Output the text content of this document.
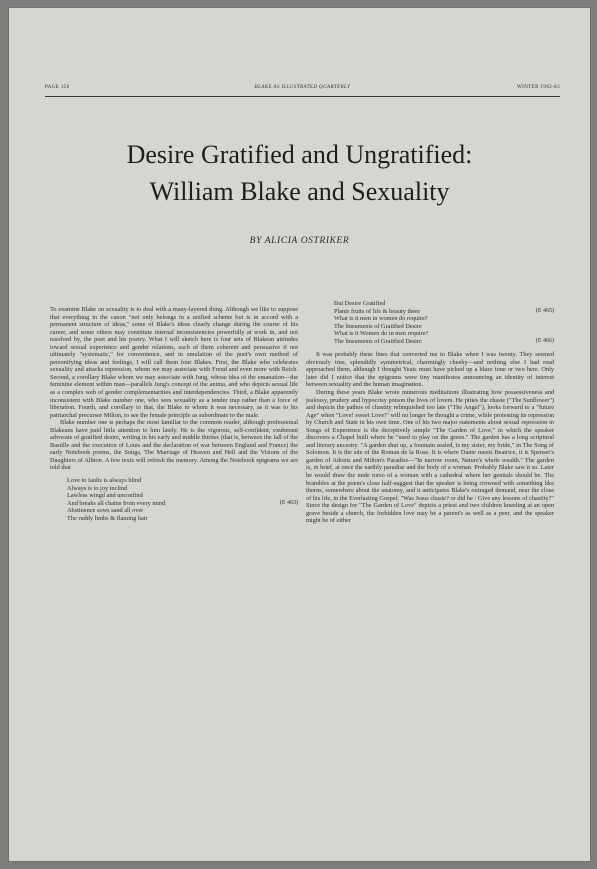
PAGE 156	BLAKE AS ILLUSTRATED QUARTERLY	WINTER 1982-83
Desire Gratified and Ungratified:
William Blake and Sexuality
BY ALICIA OSTRIKER

To examine Blake on sexuality is to deal with a many-layered thing. Although we like to suppose that everything in the canon "not only belongs in a unified scheme but is in accord with a permanent structure of ideas," some of Blake's ideas clearly change during the course of his career, and some others may constitute internal inconsistencies powerfully at work in, and not resolved by, the poet and his poetry. What I will sketch here is four sets of Blakean attitudes toward sexual experience and gender relations, each of them coherent and persuasive if not ultimately "systematic," for convenience, and in emulation of the poet's own method of personifying ideas and feelings, I will call them four Blakes. First, the Blake who celebrates sexuality and attacks repression, whom we may associate with Freud and even more with Reich. Second, a corollary Blake whom we may associate with Jung, whose idea of the emanation—the feminine element within man—parallels Jung's concept of the anima, and who depicts sexual life as a complex web of gender complementarities and interdependencies. Third, a Blake apparently inconsistent with Blake number one, who sees sexuality as a tender trap rather than a force of liberation. Fourth, and corollary to that, the Blake to whom it was necessary, as it was to his patriarchal precursor Milton, to see the female principle as subordinate to the male.

Blake number one is perhaps the most familiar to the common reader, although professional Blakeans have paid little attention to him lately. He is the vigorous, self-confident, exuberant advocate of gratified desire, writing in his early and middle thirties (that is, between the fall of the Bastille and the execution of Louis and the declaration of war between England and France) the early Notebook poems, the Songs, The Marriage of Heaven and Hell and the Visions of the Daughters of Albion. A few texts will refresh the memory. Among the Notebook epigrams we are told that

Love to faults is always blind
Always is to joy inclind
Lawless wingd and unconfind
And breaks all chains from every mind	(E 463)
Abstinence sows sand all over
The ruddy limbs & flaming hair
But Desire Gratified
Plants fruits of life & beauty there	(E 465)
What is it men in women do require?
The lineaments of Gratified Desire
What is it Women do in men require?
The lineaments of Gratified Desire	(E 466)

It was probably these lines that converted me to Blake when I was twenty. They seemed obviously true, splendidly symmetrical, charmingly cheeky—and nothing else I had read approached them, although I thought Yeats must have picked up a blaze tone or two here. Only later did I notice that the epigrams were tiny manifestos announcing an identity of interest between sexuality and the human imagination.

During these years Blake wrote numerous meditations illustrating how possessiveness and jealousy, prudery and hypocrisy poison the lives of lovers. He pities the chaste ("The Sunflower") and depicts the pathos of chastity relinquished too late ("The Angel"), looks forward to a "future Age" when "Love! sweet Love!" will no longer be thought a crime, while protesting its repression by Church and State in his own time. One of his two major statements about sexual repression in Songs of Experience is the deceptively simple "The Garden of Love," in which the speaker discovers a Chapel built where he "used to play on the green." The garden has a long scriptural and literary ancestry. "A garden shut up, a fountain sealed, is my sister, my bride," in The Song of Solomon. It is the site of the Roman de la Rose. It is where Dante meets Beatrice, it is Spenser's garden of Adonis and Milton's Paradise—"In narrow room, Nature's whole wealth." The garden is, in brief, at once the earthly paradise and the body of a woman. Probably Blake saw it so. Later he would draw the nude torso of a woman with a cathedral where her genitals should be. The brambles at the poem's close half-suggest that the speaker is being crowned with something like thorns, somewhere about the anatomy, and it anticipates Blake's outraged demand, near the close of his life, in the Everlasting Gospel: "Was Jesus chaste? or did he / Give any lessons of chastity?" Since the design for "The Garden of Love" depicts a priest and two children kneeling at an open grave beside a church, the forbidden love may be a parent's as well as a peer, and the speaker might be of either
